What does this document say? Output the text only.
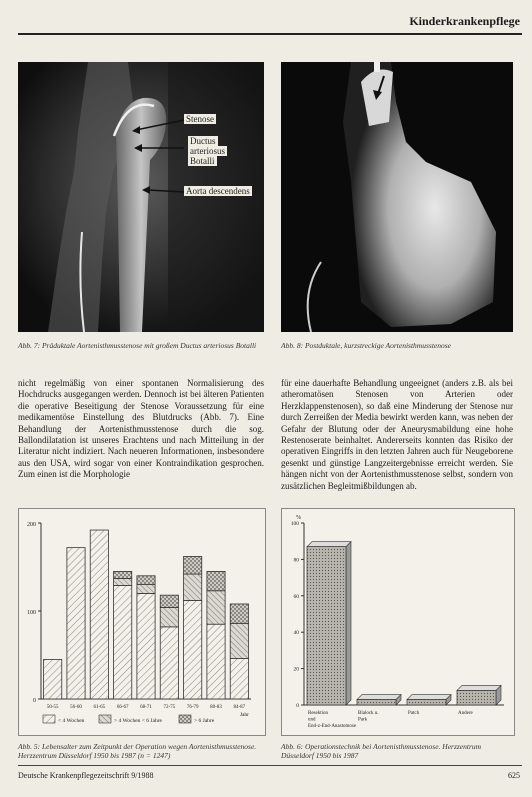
Kinderkrankenpflege
Stenose
Ductus
arteriosus
Botalli
Aorta descendens
Abb. 7: Präduktale Aortenisthmusstenose mit großem Ductus arteriosus Botalli	Abb. 8: Postduktale, kurzstreckige Aortenisthmusstenose
nicht regelmäßig von einer spontanen Normalisierung des Hochdrucks ausgegangen werden. Dennoch ist bei älteren Patienten die operative Beseitigung der Stenose Voraussetzung für eine medikamentöse Einstellung des Blutdrucks (Abb. 7). Eine Behandlung der Aortenisthmusstenose durch die sog. Ballondilatation ist unseres Erachtens und nach Mitteilung in der Literatur nicht indiziert. Nach neueren Informationen, insbesondere aus den USA, wird sogar von einer Kontraindikation gesprochen. Zum einen ist die Morphologie
für eine dauerhafte Behandlung ungeeignet (anders z.B. als bei atheromatösen Stenosen von Arterien oder Herzklappenstenosen), so daß eine Minderung der Stenose nur durch Zerreißen der Media bewirkt werden kann, was neben der Gefahr der Blutung oder der Aneurysmabildung eine hohe Restenoserate beinhaltet. Andererseits konnten das Risiko der operativen Eingriffs in den letzten Jahren auch für Neugeborene gesenkt und günstige Langzeitergebnisse erreicht werden. Sie hängen nicht von der Aortenisthmusstenose selbst, sondern von zusätzlichen Begleitmißbildungen ab.
0
100
200
50-55 56-60 61-65 66-67 68-71 72-75 76-79 80-83 84-87
Jahr
< 4 Wochen	> 4 Wochen < 6 Jahre	> 6 Jahre
Abb. 5: Lebensalter zum Zeitpunkt der Operation wegen Aortenisthmusstenose. Herzzentrum Düsseldorf 1950 bis 1987 (n = 1247)
%
0
20
40
60
80
100
Resektion
und
End-z-End-Anastomose
Blalock u.
Park
Patch	Andere
Abb. 6: Operationstechnik bei Aortenisthmusstenose. Herzzentrum Düsseldorf 1950 bis 1987
Deutsche Krankenpflegezeitschrift 9/1988	625
